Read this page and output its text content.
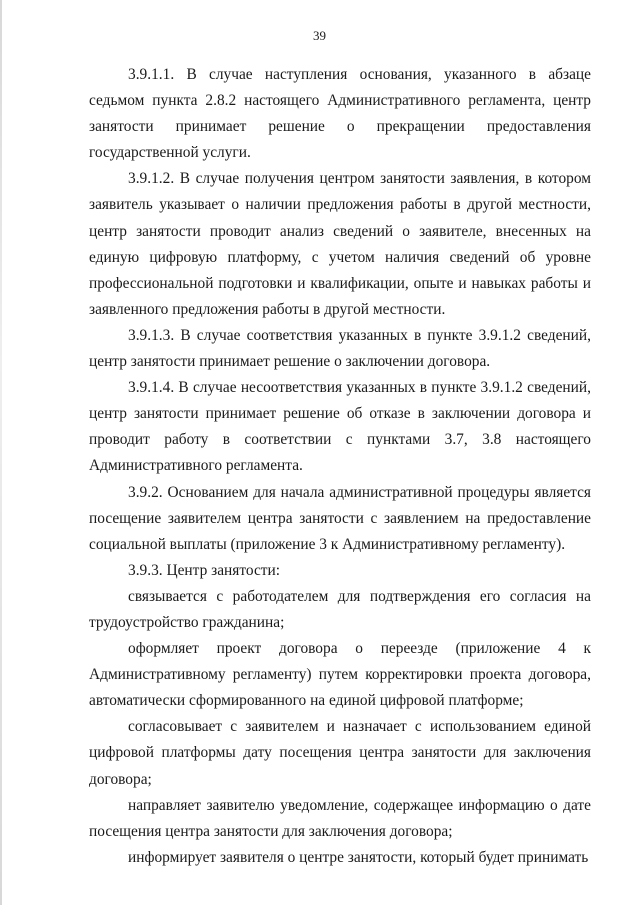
39

3.9.1.1. В случае наступления основания, указанного в абзаце седьмом пункта 2.8.2 настоящего Административного регламента, центр занятости принимает решение о прекращении предоставления государственной услуги.

3.9.1.2. В случае получения центром занятости заявления, в котором заявитель указывает о наличии предложения работы в другой местности, центр занятости проводит анализ сведений о заявителе, внесенных на единую цифровую платформу, с учетом наличия сведений об уровне профессиональной подготовки и квалификации, опыте и навыках работы и заявленного предложения работы в другой местности.

3.9.1.3. В случае соответствия указанных в пункте 3.9.1.2 сведений, центр занятости принимает решение о заключении договора.

3.9.1.4. В случае несоответствия указанных в пункте 3.9.1.2 сведений, центр занятости принимает решение об отказе в заключении договора и проводит работу в соответствии с пунктами 3.7, 3.8 настоящего Административного регламента.

3.9.2. Основанием для начала административной процедуры является посещение заявителем центра занятости с заявлением на предоставление социальной выплаты (приложение 3 к Административному регламенту).

3.9.3. Центр занятости:

связывается с работодателем для подтверждения его согласия на трудоустройство гражданина;

оформляет проект договора о переезде (приложение 4 к Административному регламенту) путем корректировки проекта договора, автоматически сформированного на единой цифровой платформе;

согласовывает с заявителем и назначает с использованием единой цифровой платформы дату посещения центра занятости для заключения договора;

направляет заявителю уведомление, содержащее информацию о дате посещения центра занятости для заключения договора;

информирует заявителя о центре занятости, который будет принимать
